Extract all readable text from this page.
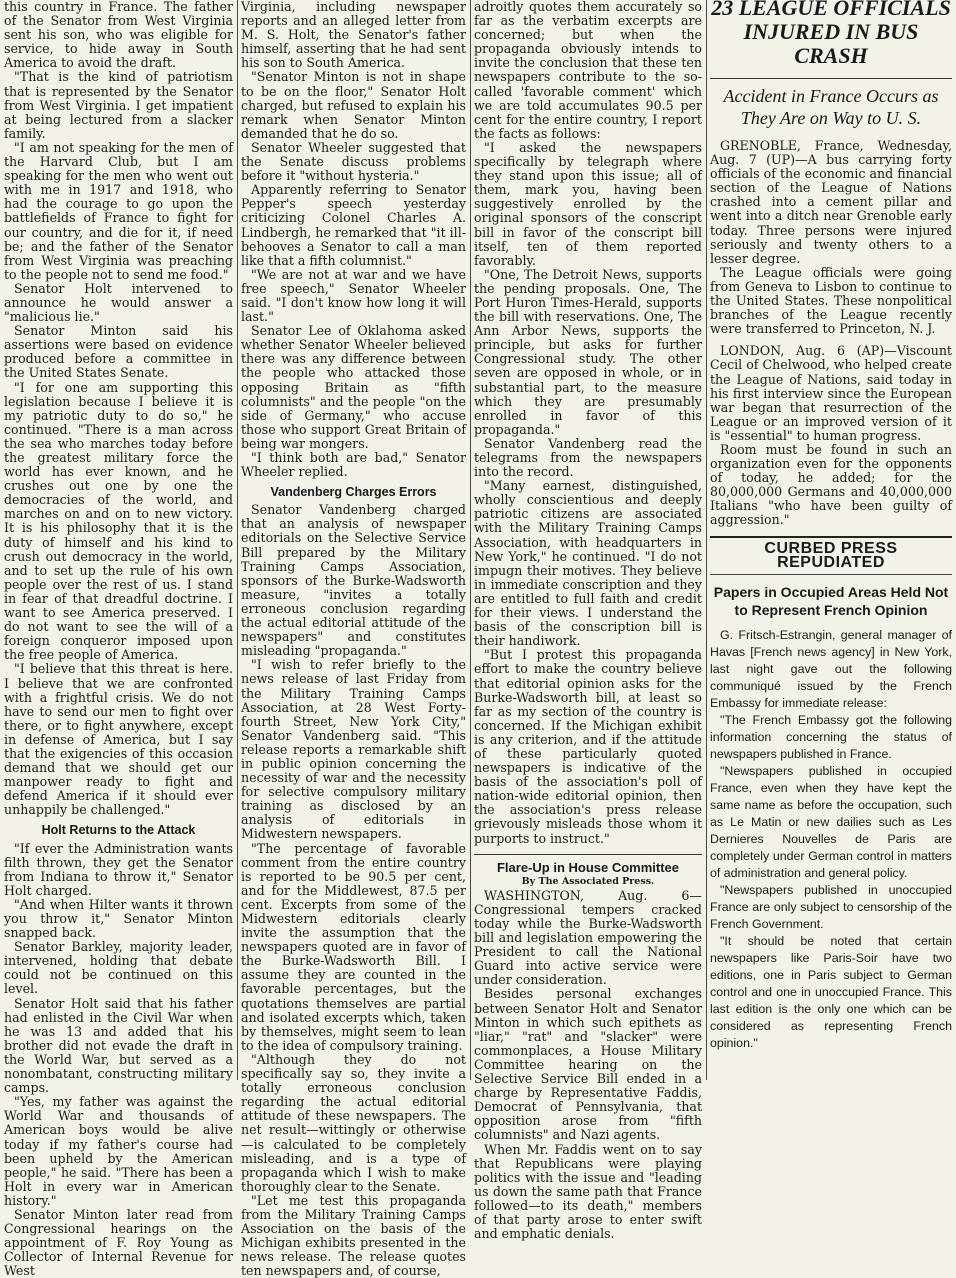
this country in France. The father of the Senator from West Virginia sent his son, who was eligible for service, to hide away in South America to avoid the draft.

"That is the kind of patriotism that is represented by the Senator from West Virginia. I get impatient at being lectured from a slacker family.

"I am not speaking for the men of the Harvard Club, but I am speaking for the men who went out with me in 1917 and 1918, who had the courage to go upon the battlefields of France to fight for our country, and die for it, if need be; and the father of the Senator from West Virginia was preaching to the people not to send me food."

Senator Holt intervened to announce he would answer a "malicious lie."

Senator Minton said his assertions were based on evidence produced before a committee in the United States Senate.

"I for one am supporting this legislation because I believe it is my patriotic duty to do so," he continued. "There is a man across the sea who marches today before the greatest military force the world has ever known, and he crushes out one by one the democracies of the world, and marches on and on to new victory. It is his philosophy that it is the duty of himself and his kind to crush out democracy in the world, and to set up the rule of his own people over the rest of us. I stand in fear of that dreadful doctrine. I want to see America preserved. I do not want to see the will of a foreign conqueror imposed upon the free people of America.

"I believe that this threat is here. I believe that we are confronted with a frightful crisis. We do not have to send our men to fight over there, or to fight anywhere, except in defense of America, but I say that the exigencies of this occasion demand that we should get our manpower ready to fight and defend America if it should ever unhappily be challenged."

Holt Returns to the Attack

"If ever the Administration wants filth thrown, they get the Senator from Indiana to throw it," Senator Holt charged.

"And when Hilter wants it thrown you throw it," Senator Minton snapped back.

Senator Barkley, majority leader, intervened, holding that debate could not be continued on this level.

Senator Holt said that his father had enlisted in the Civil War when he was 13 and added that his brother did not evade the draft in the World War, but served as a nonombatant, constructing military camps.

"Yes, my father was against the World War and thousands of American boys would be alive today if my father's course had been upheld by the American people," he said. "There has been a Holt in every war in American history."

Senator Minton later read from Congressional hearings on the appointment of F. Roy Young as Collector of Internal Revenue for West

Virginia, including newspaper reports and an alleged letter from M. S. Holt, the Senator's father himself, asserting that he had sent his son to South America.

"Senator Minton is not in shape to be on the floor," Senator Holt charged, but refused to explain his remark when Senator Minton demanded that he do so.

Senator Wheeler suggested that the Senate discuss problems before it "without hysteria."

Apparently referring to Senator Pepper's speech yesterday criticizing Colonel Charles A. Lindbergh, he remarked that "it ill-behooves a Senator to call a man like that a fifth columnist."

"We are not at war and we have free speech," Senator Wheeler said. "I don't know how long it will last."

Senator Lee of Oklahoma asked whether Senator Wheeler believed there was any difference between the people who attacked those opposing Britain as "fifth columnists" and the people "on the side of Germany," who accuse those who support Great Britain of being war mongers.

"I think both are bad," Senator Wheeler replied.

Vandenberg Charges Errors

Senator Vandenberg charged that an analysis of newspaper editorials on the Selective Service Bill prepared by the Military Training Camps Association, sponsors of the Burke-Wadsworth measure, "invites a totally erroneous conclusion regarding the actual editorial attitude of the newspapers" and constitutes misleading "propaganda."

"I wish to refer briefly to the news release of last Friday from the Military Training Camps Association, at 28 West Forty-fourth Street, New York City," Senator Vandenberg said. "This release reports a remarkable shift in public opinion concerning the necessity of war and the necessity for selective compulsory military training as disclosed by an analysis of editorials in Midwestern newspapers.

"The percentage of favorable comment from the entire country is reported to be 90.5 per cent, and for the Middlewest, 87.5 per cent. Excerpts from some of the Midwestern editorials clearly invite the assumption that the newspapers quoted are in favor of the Burke-Wadsworth Bill. I assume they are counted in the favorable percentages, but the quotations themselves are partial and isolated excerpts which, taken by themselves, might seem to lean to the idea of compulsory training.

"Although they do not specifically say so, they invite a totally erroneous conclusion regarding the actual editorial attitude of these newspapers. The net result—wittingly or otherwise—is calculated to be completely misleading, and is a type of propaganda which I wish to make thoroughly clear to the Senate.

"Let me test this propaganda from the Military Training Camps Association on the basis of the Michigan exhibits presented in the news release. The release quotes ten newspapers and, of course,

adroitly quotes them accurately so far as the verbatim excerpts are concerned; but when the propaganda obviously intends to invite the conclusion that these ten newspapers contribute to the so-called 'favorable comment' which we are told accumulates 90.5 per cent for the entire country, I report the facts as follows:

"I asked the newspapers specifically by telegraph where they stand upon this issue; all of them, mark you, having been suggestively enrolled by the original sponsors of the conscript bill in favor of the conscript bill itself, ten of them reported favorably.

"One, The Detroit News, supports the pending proposals. One, The Port Huron Times-Herald, supports the bill with reservations. One, The Ann Arbor News, supports the principle, but asks for further Congressional study. The other seven are opposed in whole, or in substantial part, to the measure which they are presumably enrolled in favor of this propaganda."

Senator Vandenberg read the telegrams from the newspapers into the record.

"Many earnest, distinguished, wholly conscientious and deeply patriotic citizens are associated with the Military Training Camps Association, with headquarters in New York," he continued. "I do not impugn their motives. They believe in immediate conscription and they are entitled to full faith and credit for their views. I understand the basis of the conscription bill is their handiwork.

"But I protest this propaganda effort to make the country believe that editorial opinion asks for the Burke-Wadsworth bill, at least so far as my section of the country is concerned. If the Michigan exhibit is any criterion, and if the attitude of these particularly quoted newspapers is indicative of the basis of the association's poll of nation-wide editorial opinion, then the association's press release grievously misleads those whom it purports to instruct."

Flare-Up in House Committee
By The Associated Press.

WASHINGTON, Aug. 6—Congressional tempers cracked today while the Burke-Wadsworth bill and legislation empowering the President to call the National Guard into active service were under consideration.

Besides personal exchanges between Senator Holt and Senator Minton in which such epithets as "liar," "rat" and "slacker" were commonplaces, a House Military Committee hearing on the Selective Service Bill ended in a charge by Representative Faddis, Democrat of Pennsylvania, that opposition arose from "fifth columnists" and Nazi agents.

When Mr. Faddis went on to say that Republicans were playing politics with the issue and "leading us down the same path that France followed—to its death," members of that party arose to enter swift and emphatic denials.

23 LEAGUE OFFICIALS INJURED IN BUS CRASH
Accident in France Occurs as They Are on Way to U. S.

GRENOBLE, France, Wednesday, Aug. 7 (UP)—A bus carrying forty officials of the economic and financial section of the League of Nations crashed into a cement pillar and went into a ditch near Grenoble early today. Three persons were injured seriously and twenty others to a lesser degree.

The League officials were going from Geneva to Lisbon to continue to the United States. These nonpolitical branches of the League recently were transferred to Princeton, N. J.

LONDON, Aug. 6 (AP)—Viscount Cecil of Chelwood, who helped create the League of Nations, said today in his first interview since the European war began that resurrection of the League or an improved version of it is "essential" to human progress.

Room must be found in such an organization even for the opponents of today, he added; for the 80,000,000 Germans and 40,000,000 Italians "who have been guilty of aggression."

CURBED PRESS REPUDIATED
Papers in Occupied Areas Held Not to Represent French Opinion

G. Fritsch-Estrangin, general manager of Havas [French news agency] in New York, last night gave out the following communiqué issued by the French Embassy for immediate release:

"The French Embassy got the following information concerning the status of newspapers published in France.

"Newspapers published in occupied France, even when they have kept the same name as before the occupation, such as Le Matin or new dailies such as Les Dernieres Nouvelles de Paris are completely under German control in matters of administration and general policy.

"Newspapers published in unoccupied France are only subject to censorship of the French Government.

"It should be noted that certain newspapers like Paris-Soir have two editions, one in Paris subject to German control and one in unoccupied France. This last edition is the only one which can be considered as representing French opinion."
